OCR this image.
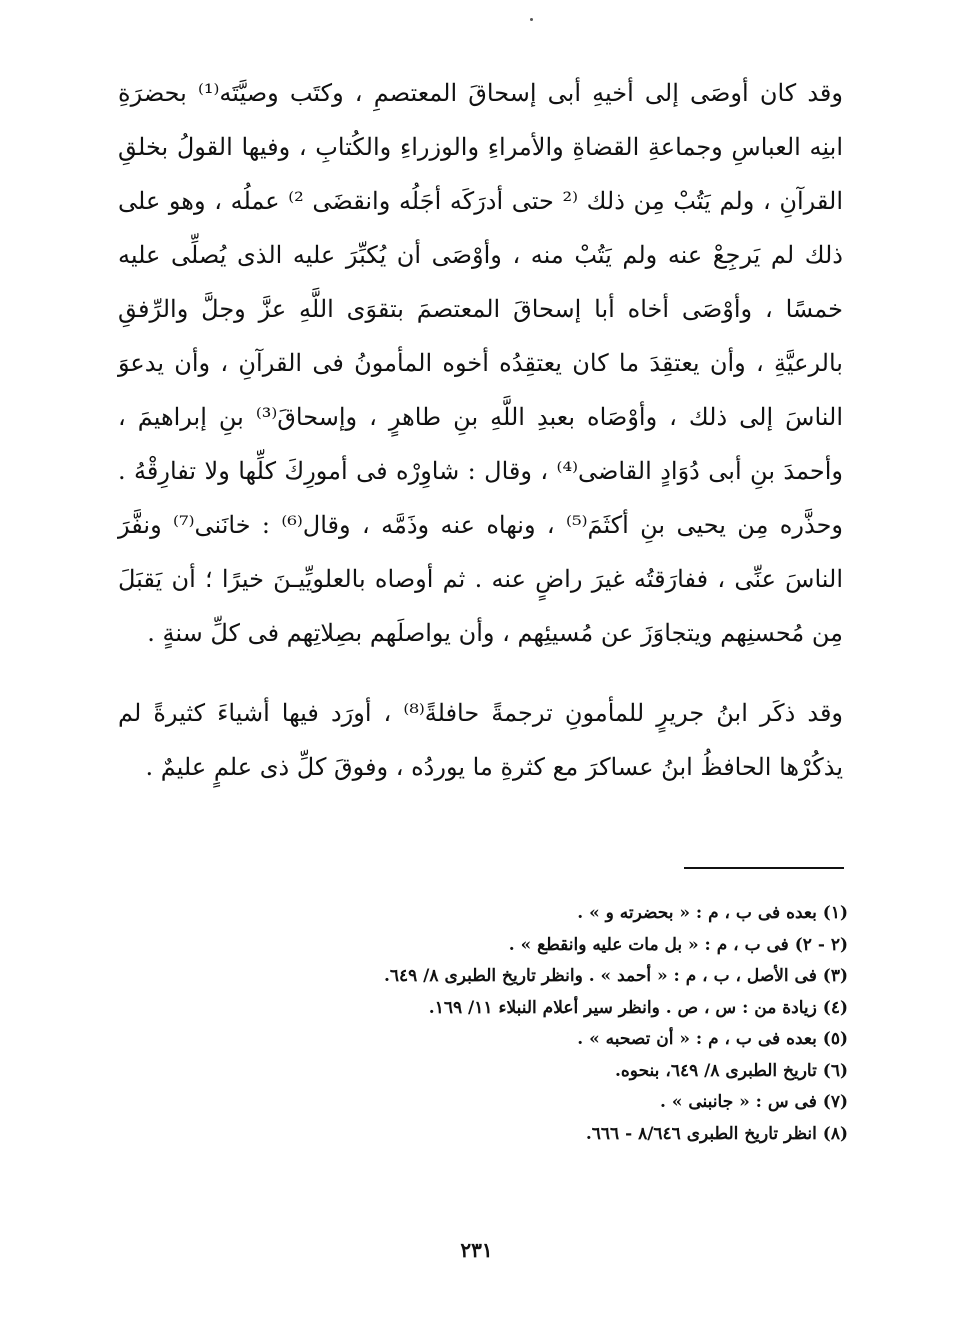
وقد كان أوصَى إلى أخيهِ أبى إسحاقَ المعتصمِ ، وكتَب وصيَّتَه⁽¹⁾ بحضرَةِ ابنِه العباسِ وجماعةِ القضاةِ والأمراءِ والوزراءِ والكُتابِ ، وفيها القولُ بخلقِ القرآنِ ، ولم يَتُبْ مِن ذلك ⁽² حتى أدرَكَه أجَلُه وانقضَى ²⁾ عملُه ، وهو على ذلك لم يَرجِعْ عنه ولم يَتُبْ منه ، وأوْصَى أن يُكبِّرَ عليه الذى يُصلِّى عليه خمسًا ، وأوْصَى أخاه أبا إسحاقَ المعتصمَ بتقوَى اللَّهِ عزَّ وجلَّ والرِّفقِ بالرعيَّةِ ، وأن يعتقِدَ ما كان يعتقِدُه أخوه المأمونُ فى القرآنِ ، وأن يدعوَ الناسَ إلى ذلك ، وأوْصَاه بعبدِ اللَّهِ بنِ طاهرٍ ، وإسحاقَ⁽³⁾ بنِ إبراهيمَ ، وأحمدَ بنِ أبى دُوَادٍ القاضى⁽⁴⁾ ، وقال : شاوِرْه فى أمورِكَ كلِّها ولا تفارِقْهُ . وحذَّره مِن يحيى بنِ أكثَمَ⁽⁵⁾ ، ونهاه عنه وذَمَّه ، وقال⁽⁶⁾ : خانَنى⁽⁷⁾ ونفَّرَ الناسَ عنِّى ، ففارَقتُه غيرَ راضٍ عنه . ثم أوصاه بالعلويِّيـنَ خيرًا ؛ أن يَقبَلَ مِن مُحسنِهم ويتجاوَزَ عن مُسيئِهم ، وأن يواصلَهم بصِلاتِهم فى كلِّ سنةٍ .

وقد ذكَر ابنُ جريرٍ للمأمونِ ترجمةً حافلةً⁽⁸⁾ ، أورَد فيها أشياءَ كثيرةً لم يذكُرْها الحافظُ ابنُ عساكرَ مع كثرةِ ما يوردُه ، وفوقَ كلِّ ذى علمٍ عليمٌ .

(١) بعده فى ب ، م : « بحضرته و » .
(٢ - ٢) فى ب ، م : « بل مات عليه وانقطع » .
(٣) فى الأصل ، ب ، م : « أحمد » . وانظر تاريخ الطبرى ٨/ ٦٤٩.
(٤) زيادة من : س ، ص . وانظر سير أعلام النبلاء ١١/ ١٦٩.
(٥) بعده فى ب ، م : « أن تصحبه » .
(٦) تاريخ الطبرى ٨/ ٦٤٩، بنحوه.
(٧) فى س : « جانبنى » .
(٨) انظر تاريخ الطبرى ٨/٦٤٦ - ٦٦٦.
٢٣١
